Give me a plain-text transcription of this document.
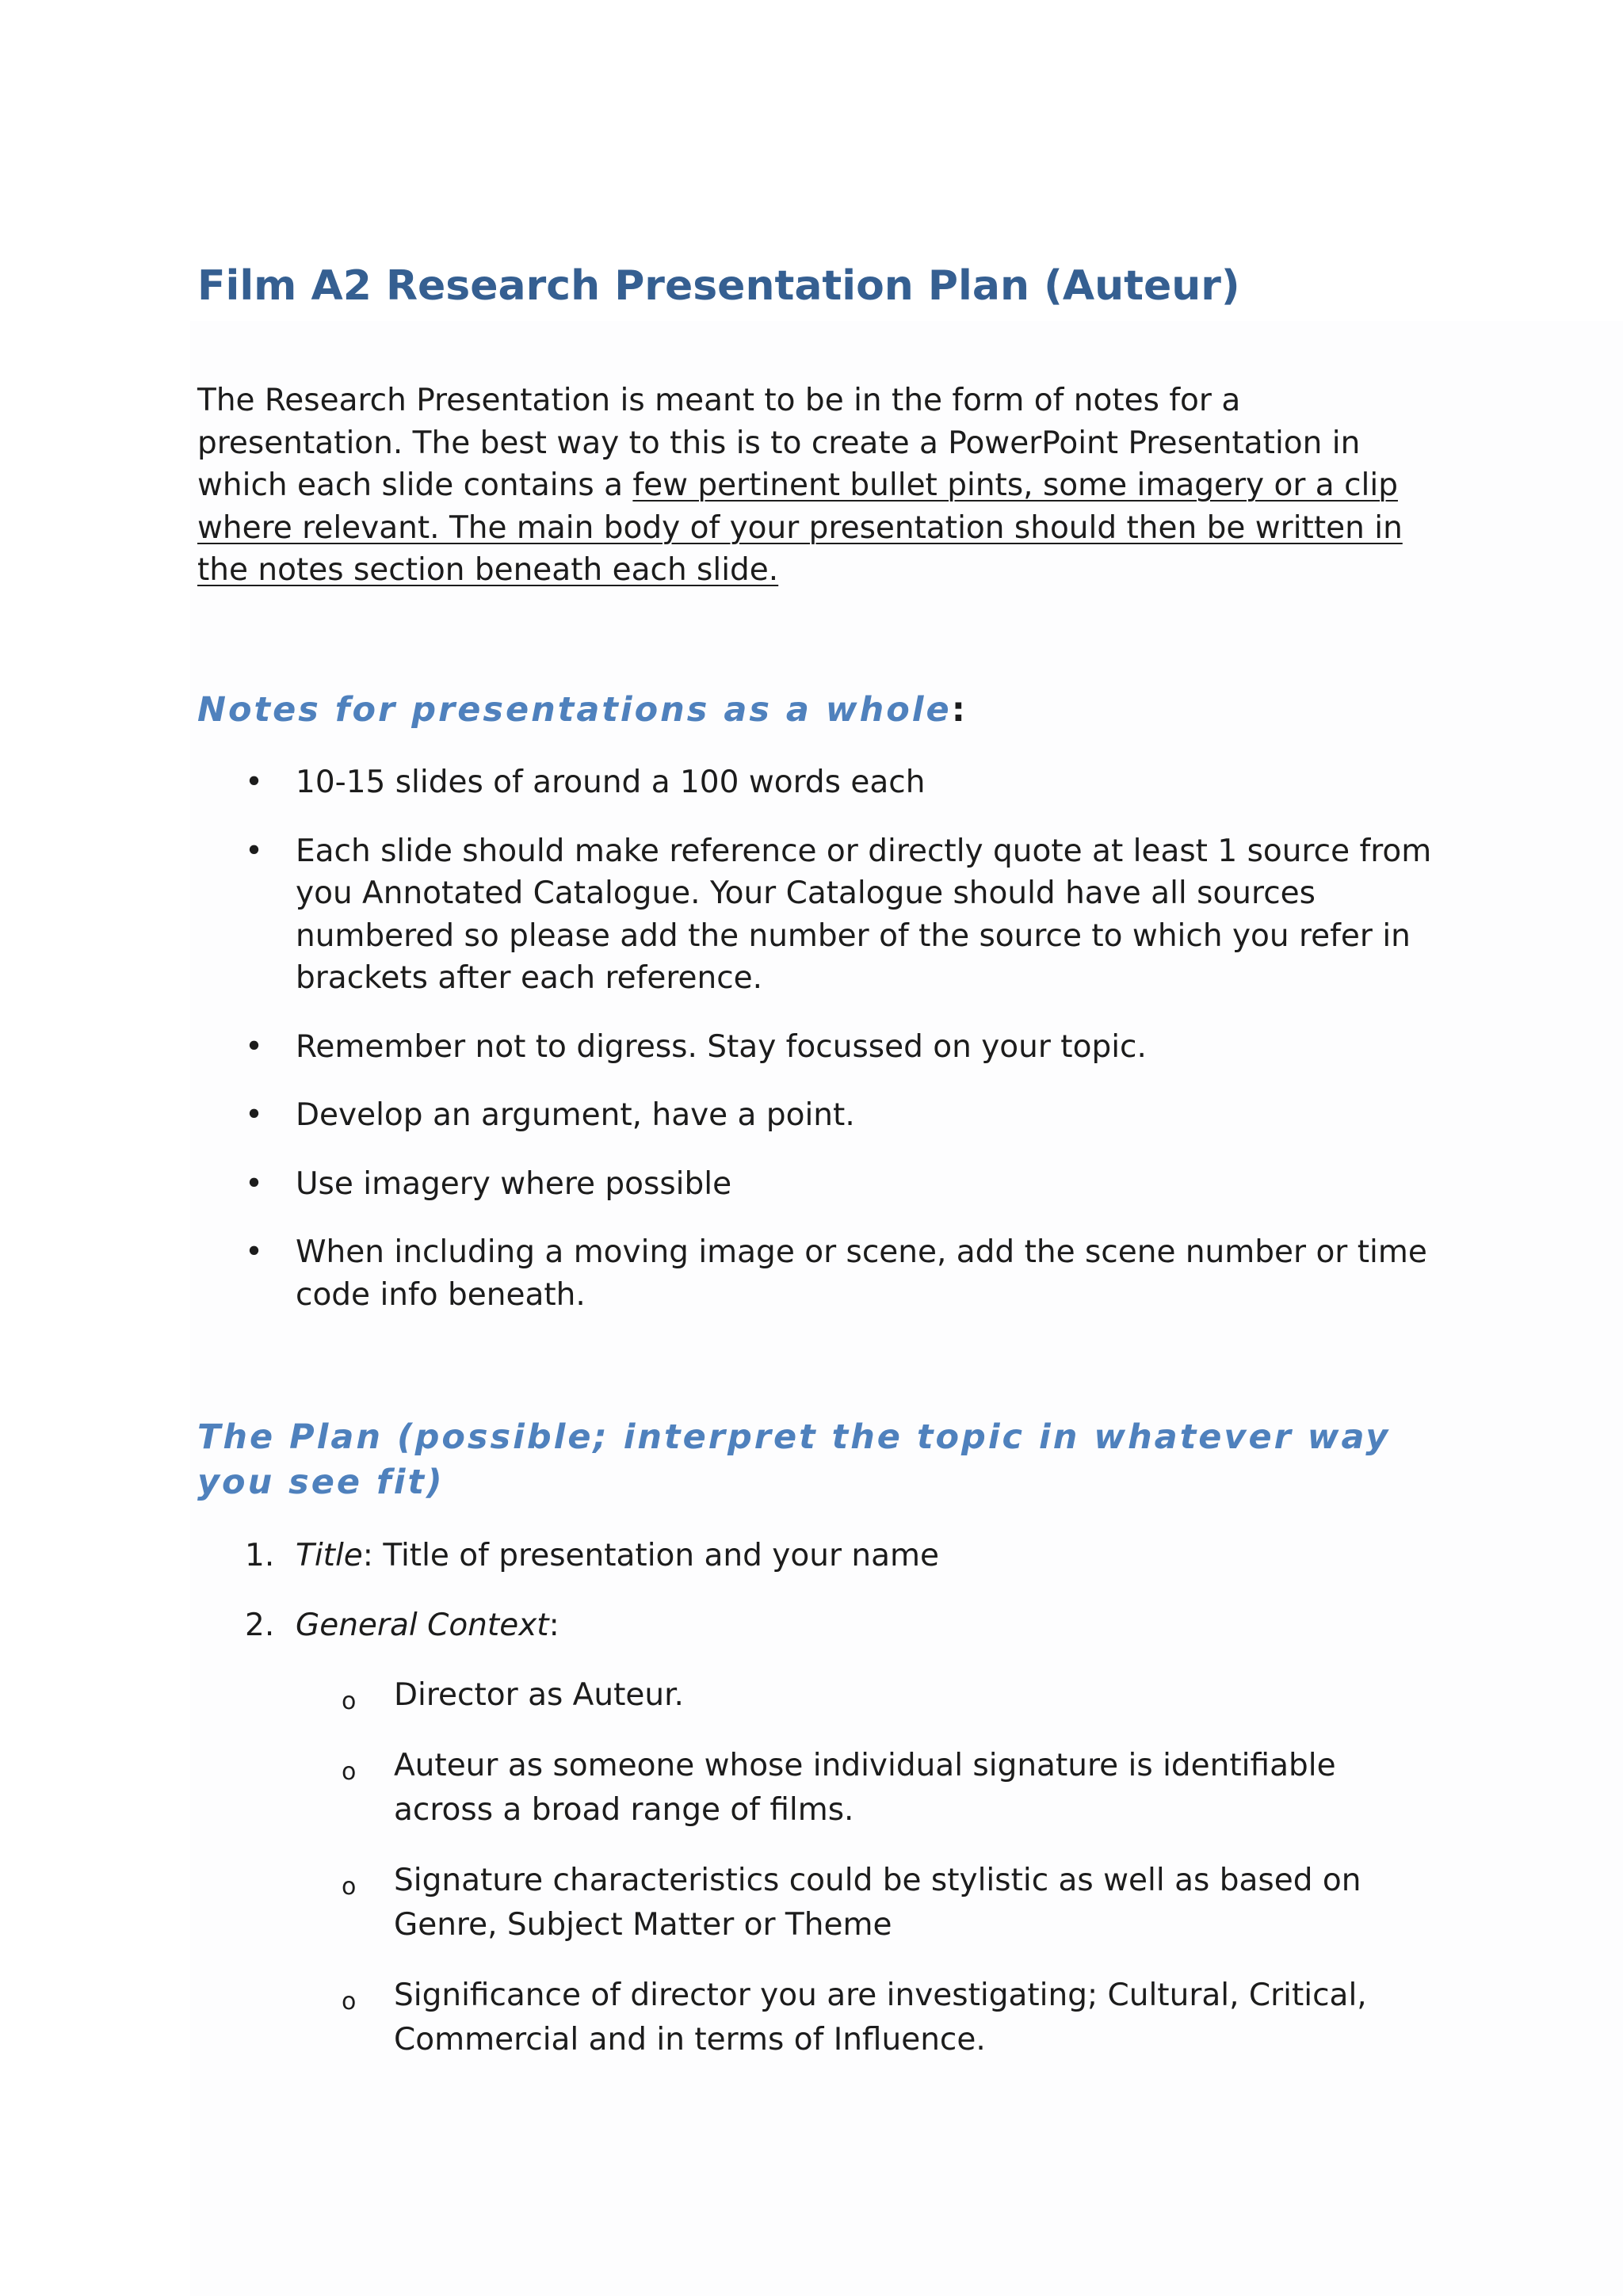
Film A2 Research Presentation Plan (Auteur)

The Research Presentation is meant to be in the form of notes for a presentation. The best way to this is to create a PowerPoint Presentation in which each slide contains a few pertinent bullet pints, some imagery or a clip where relevant. The main body of your presentation should then be written in the notes section beneath each slide.

Notes for presentations as a whole:
• 10-15 slides of around a 100 words each
• Each slide should make reference or directly quote at least 1 source from you Annotated Catalogue. Your Catalogue should have all sources numbered so please add the number of the source to which you refer in brackets after each reference.
• Remember not to digress. Stay focussed on your topic.
• Develop an argument, have a point.
• Use imagery where possible
• When including a moving image or scene, add the scene number or time code info beneath.
The Plan (possible; interpret the topic in whatever way you see fit)
1. Title: Title of presentation and your name
2. General Context:
o Director as Auteur.
o Auteur as someone whose individual signature is identifiable across a broad range of films.
o Signature characteristics could be stylistic as well as based on Genre, Subject Matter or Theme
o Significance of director you are investigating; Cultural, Critical, Commercial and in terms of Influence.
